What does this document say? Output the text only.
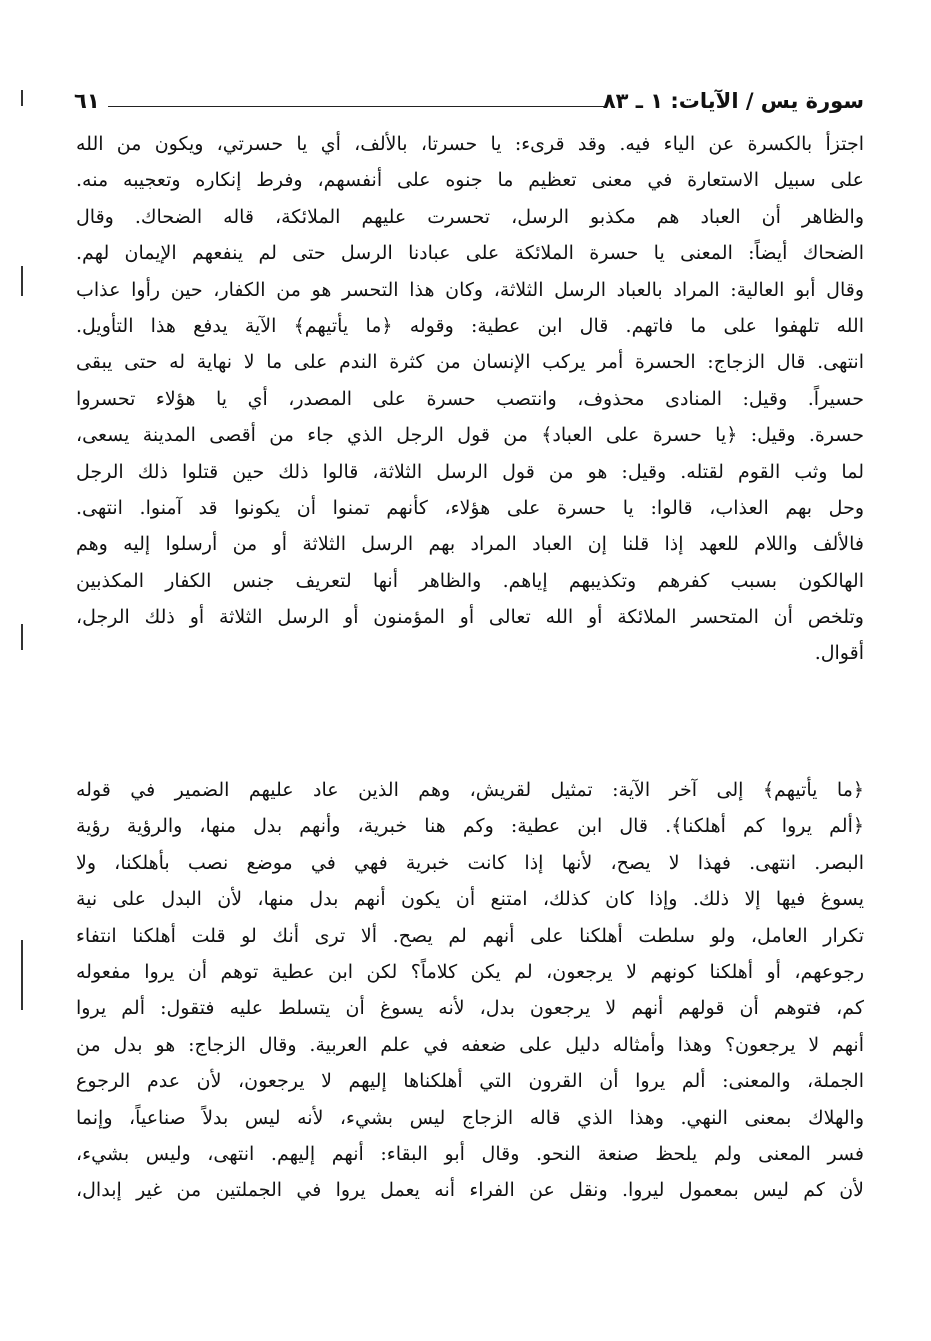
سورة يس / الآيات: ١ ـ ٨٣
٦١
اجتزأ بالكسرة عن الياء فيه. وقد قرىء: يا حسرتا، بالألف، أي يا حسرتي، ويكون من الله
على سبيل الاستعارة في معنى تعظيم ما جنوه على أنفسهم، وفرط إنكاره وتعجيبه منه.
والظاهر أن العباد هم مكذبو الرسل، تحسرت عليهم الملائكة، قاله الضحاك. وقال
الضحاك أيضاً: المعنى يا حسرة الملائكة على عبادنا الرسل حتى لم ينفعهم الإيمان لهم.
وقال أبو العالية: المراد بالعباد الرسل الثلاثة، وكان هذا التحسر هو من الكفار، حين رأوا عذاب
الله تلهفوا على ما فاتهم. قال ابن عطية: وقوله ﴿ما يأتيهم﴾ الآية يدفع هذا التأويل.
انتهى. قال الزجاج: الحسرة أمر يركب الإنسان من كثرة الندم على ما لا نهاية له حتى يبقى
حسيراً. وقيل: المنادى محذوف، وانتصب حسرة على المصدر، أي يا هؤلاء تحسروا
حسرة. وقيل: ﴿يا حسرة على العباد﴾ من قول الرجل الذي جاء من أقصى المدينة يسعى،
لما وثب القوم لقتله. وقيل: هو من قول الرسل الثلاثة، قالوا ذلك حين قتلوا ذلك الرجل
وحل بهم العذاب، قالوا: يا حسرة على هؤلاء، كأنهم تمنوا أن يكونوا قد آمنوا. انتهى.
فالألف واللام للعهد إذا قلنا إن العباد المراد بهم الرسل الثلاثة أو من أرسلوا إليه وهم
الهالكون بسبب كفرهم وتكذيبهم إياهم. والظاهر أنها لتعريف جنس الكفار المكذبين
وتلخص أن المتحسر الملائكة أو الله تعالى أو المؤمنون أو الرسل الثلاثة أو ذلك الرجل،
أقوال.
﴿ما يأتيهم﴾ إلى آخر الآية: تمثيل لقريش، وهم الذين عاد عليهم الضمير في قوله
﴿ألم يروا كم أهلكنا﴾. قال ابن عطية: وكم هنا خبرية، وأنهم بدل منها، والرؤية رؤية
البصر. انتهى. فهذا لا يصح، لأنها إذا كانت خبرية فهي في موضع نصب بأهلكنا، ولا
يسوغ فيها إلا ذلك. وإذا كان كذلك، امتنع أن يكون أنهم بدل منها، لأن البدل على نية
تكرار العامل، ولو سلطت أهلكنا على أنهم لم يصح. ألا ترى أنك لو قلت أهلكنا انتفاء
رجوعهم، أو أهلكنا كونهم لا يرجعون، لم يكن كلاماً؟ لكن ابن عطية توهم أن يروا مفعوله
كم، فتوهم أن قولهم أنهم لا يرجعون بدل، لأنه يسوغ أن يتسلط عليه فتقول: ألم يروا
أنهم لا يرجعون؟ وهذا وأمثاله دليل على ضعفه في علم العربية. وقال الزجاج: هو بدل من
الجملة، والمعنى: ألم يروا أن القرون التي أهلكناها إليهم لا يرجعون، لأن عدم الرجوع
والهلاك بمعنى النهي. وهذا الذي قاله الزجاج ليس بشيء، لأنه ليس بدلاً صناعياً، وإنما
فسر المعنى ولم يلحظ صنعة النحو. وقال أبو البقاء: أنهم إليهم. انتهى، وليس بشيء،
لأن كم ليس بمعمول ليروا. ونقل عن الفراء أنه يعمل يروا في الجملتين من غير إبدال،
